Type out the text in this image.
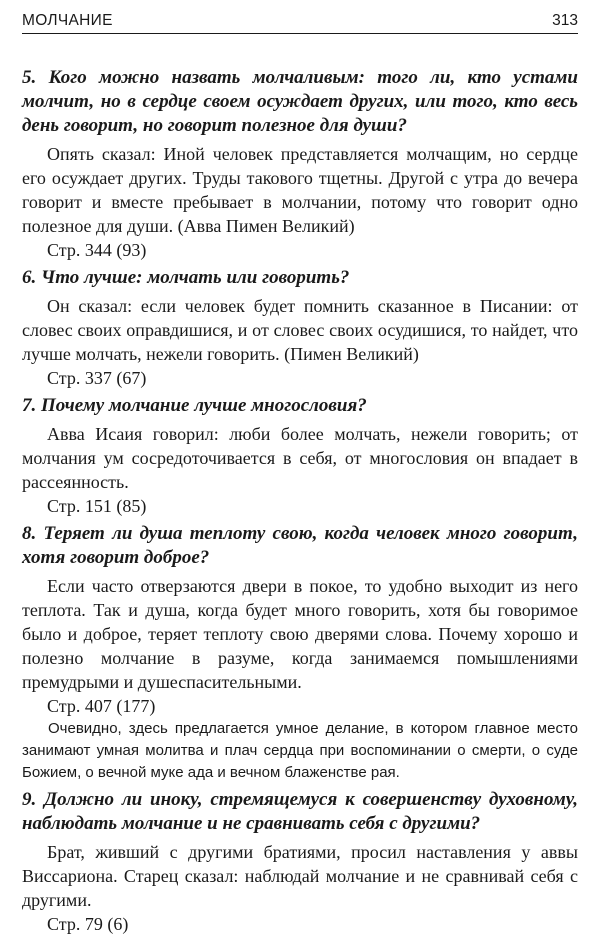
МОЛЧАНИЕ	313

5. Кого можно назвать молчаливым: того ли, кто устами молчит, но в сердце своем осуждает других, или того, кто весь день говорит, но говорит полезное для души?

Опять сказал: Иной человек представляется молчащим, но сердце его осуждает других. Труды такового тщетны. Другой с утра до вечера говорит и вместе пребывает в молчании, потому что говорит одно полезное для души. (Авва Пимен Великий)

Стр. 344 (93)

6. Что лучше: молчать или говорить?

Он сказал: если человек будет помнить сказанное в Писании: от словес своих оправдишися, и от словес своих осудишися, то найдет, что лучше молчать, нежели говорить. (Пимен Великий)

Стр. 337 (67)

7. Почему молчание лучше многословия?

Авва Исаия говорил: люби более молчать, нежели говорить; от молчания ум сосредоточивается в себя, от многословия он впадает в рассеянность.

Стр. 151 (85)

8. Теряет ли душа теплоту свою, когда человек много говорит, хотя говорит доброе?

Если часто отверзаются двери в покое, то удобно выходит из него теплота. Так и душа, когда будет много говорить, хотя бы говоримое было и доброе, теряет теплоту свою дверями слова. Почему хорошо и полезно молчание в разуме, когда занимаемся помышлениями премудрыми и душеспасительными.

Стр. 407 (177)

Очевидно, здесь предлагается умное делание, в котором главное место занимают умная молитва и плач сердца при воспоминании о смерти, о суде Божием, о вечной муке ада и вечном блаженстве рая.

9. Должно ли иноку, стремящемуся к совершенству духовному, наблюдать молчание и не сравнивать себя с другими?

Брат, живший с другими братиями, просил наставления у аввы Виссариона. Старец сказал: наблюдай молчание и не сравнивай себя с другими.

Стр. 79 (6)
